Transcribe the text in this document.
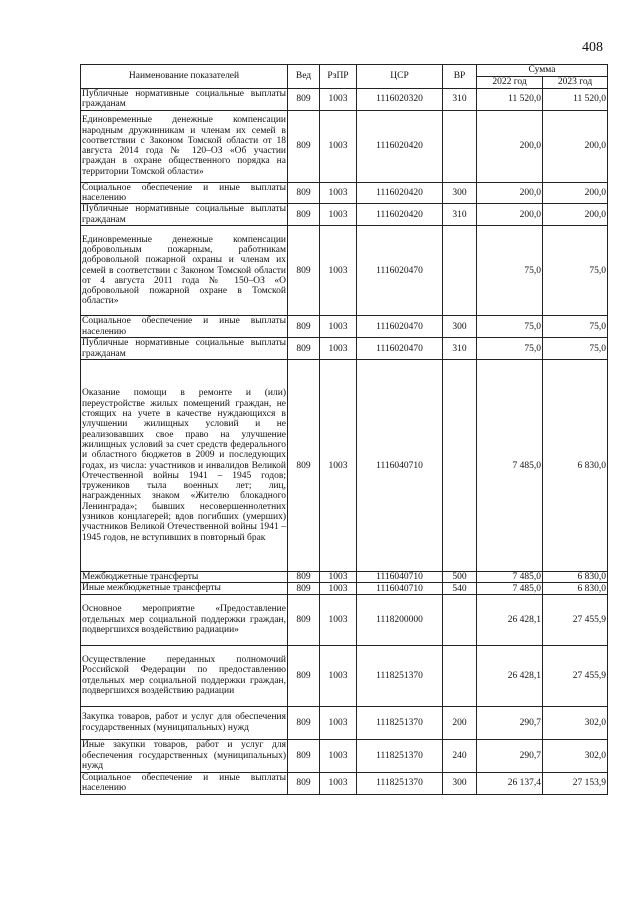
408
Наименование показателей	Вед	РзПР	ЦСР	ВР	Сумма	
					2022 год	2023 год
Публичные нормативные социальные выплаты гражданам	809	1003	1116020320	310	11 520,0	11 520,0
Единовременные денежные компенсации народным дружинникам и членам их семей в соответствии с Законом Томской области от 18 августа 2014 года № 120–ОЗ «Об участии граждан в охране общественного порядка на территории Томской области»	809	1003	1116020420		200,0	200,0
Социальное обеспечение и иные выплаты населению	809	1003	1116020420	300	200,0	200,0
Публичные нормативные социальные выплаты гражданам	809	1003	1116020420	310	200,0	200,0
Единовременные денежные компенсации добровольным пожарным, работникам добровольной пожарной охраны и членам их семей в соответствии с Законом Томской области от 4 августа 2011 года № 150–ОЗ «О добровольной пожарной охране в Томской области»	809	1003	1116020470		75,0	75,0
Социальное обеспечение и иные выплаты населению	809	1003	1116020470	300	75,0	75,0
Публичные нормативные социальные выплаты гражданам	809	1003	1116020470	310	75,0	75,0
Оказание помощи в ремонте и (или) переустройстве жилых помещений граждан, не стоящих на учете в качестве нуждающихся в улучшении жилищных условий и не реализовавших свое право на улучшение жилищных условий за счет средств федерального и областного бюджетов в 2009 и последующих годах, из числа: участников и инвалидов Великой Отечественной войны 1941 – 1945 годов; тружеников тыла военных лет; лиц, награжденных знаком «Жителю блокадного Ленинграда»; бывших несовершеннолетних узников концлагерей; вдов погибших (умерших) участников Великой Отечественной войны 1941 – 1945 годов, не вступивших в повторный брак	809	1003	1116040710		7 485,0	6 830,0
Межбюджетные трансферты	809	1003	1116040710	500	7 485,0	6 830,0
Иные межбюджетные трансферты	809	1003	1116040710	540	7 485,0	6 830,0
Основное мероприятие «Предоставление отдельных мер социальной поддержки граждан, подвергшихся воздействию радиации»	809	1003	1118200000		26 428,1	27 455,9
Осуществление переданных полномочий Российской Федерации по предоставлению отдельных мер социальной поддержки граждан, подвергшихся воздействию радиации	809	1003	1118251370		26 428,1	27 455,9
Закупка товаров, работ и услуг для обеспечения государственных (муниципальных) нужд	809	1003	1118251370	200	290,7	302,0
Иные закупки товаров, работ и услуг для обеспечения государственных (муниципальных) нужд	809	1003	1118251370	240	290,7	302,0
Социальное обеспечение и иные выплаты населению	809	1003	1118251370	300	26 137,4	27 153,9
